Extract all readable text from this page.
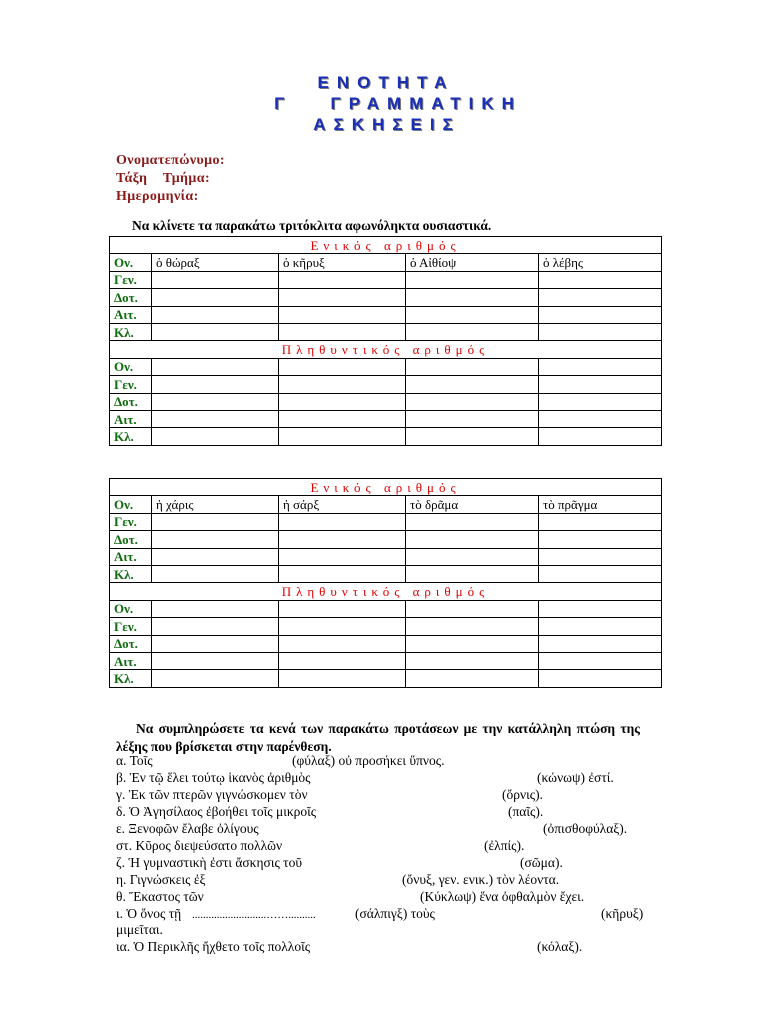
ΕΝΟΤΗΤΑ
Γ   ΓΡΑΜΜΑΤΙΚΗ
ΑΣΚΗΣΕΙΣ
Ονοματεπώνυμο:
Τάξη    Τμήμα:
Ημερομηνία:
Να κλίνετε τα παρακάτω τριτόκλιτα αφωνόληκτα ουσιαστικά.
Ενικός αριθμός				
Ον.	ὁ θώραξ	ὁ κῆρυξ	ὁ Αἰθίοψ	ὁ λέβης
Γεν.				
Δοτ.				
Αιτ.				
Κλ.				
Πληθυντικός αριθμός				
Ον.				
Γεν.				
Δοτ.				
Αιτ.				
Κλ.				
Ενικός αριθμός				
Ον.	ἡ χάρις	ἡ σάρξ	τὸ δρᾶμα	τὸ πρᾶγμα
Γεν.				
Δοτ.				
Αιτ.				
Κλ.				
Πληθυντικός αριθμός				
Ον.				
Γεν.				
Δοτ.				
Αιτ.				
Κλ.				
Να συμπληρώσετε τα κενά των παρακάτω προτάσεων με την κατάλληλη πτώση της λέξης που βρίσκεται στην παρένθεση.
α. Τοῖς	(φύλαξ) οὐ προσήκει ὕπνος.
β. Ἐν τῷ ἕλει τούτῳ ἱκανὸς ἀριθμὸς	(κώνωψ) ἐστί.
γ. Ἐκ τῶν πτερῶν γιγνώσκομεν τὸν	(ὄρνις).
δ. Ὁ Ἀγησίλαος ἐβοήθει τοῖς μικροῖς	(παῖς).
ε. Ξενοφῶν ἔλαβε ὀλίγους	(ὀπισθοφύλαξ).
στ. Κῦρος διεψεύσατο πολλῶν	(ἐλπίς).
ζ. Ἡ γυμναστικὴ ἐστι ἄσκησις τοῦ	(σῶμα).
η. Γιγνώσκεις ἐξ	(ὄνυξ, γεν. ενικ.) τὸν λέοντα.
θ. Ἕκαστος τῶν	(Κύκλωψ) ἕνα ὀφθαλμὸν ἔχει.
ι. Ὁ ὄνος τῇ ...........................……..........	(σάλπιγξ) τοὺς	(κῆρυξ)
μιμεῖται.
ια. Ὁ Περικλῆς ἤχθετο τοῖς πολλοῖς	(κόλαξ).
